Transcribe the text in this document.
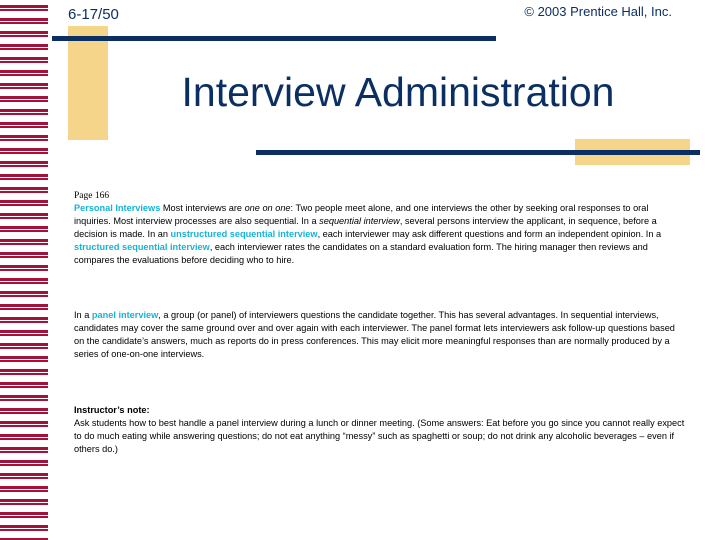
6-17/50	© 2003 Prentice Hall, Inc.
Interview Administration
Page 166

Personal Interviews Most interviews are one on one: Two people meet alone, and one interviews the other by seeking oral responses to oral inquiries. Most interview processes are also sequential. In a sequential interview, several persons interview the applicant, in sequence, before a decision is made. In an unstructured sequential interview, each interviewer may ask different questions and form an independent opinion. In a structured sequential interview, each interviewer rates the candidates on a standard evaluation form. The hiring manager then reviews and compares the evaluations before deciding who to hire.

In a panel interview, a group (or panel) of interviewers questions the candidate together. This has several advantages. In sequential interviews, candidates may cover the same ground over and over again with each interviewer. The panel format lets interviewers ask follow-up questions based on the candidate’s answers, much as reports do in press conferences. This may elicit more meaningful responses than are normally produced by a series of one-on-one interviews.

Instructor’s note:
Ask students how to best handle a panel interview during a lunch or dinner meeting. (Some answers: Eat before you go since you cannot really expect to do much eating while answering questions; do not eat anything “messy” such as spaghetti or soup; do not drink any alcoholic beverages – even if others do.)
